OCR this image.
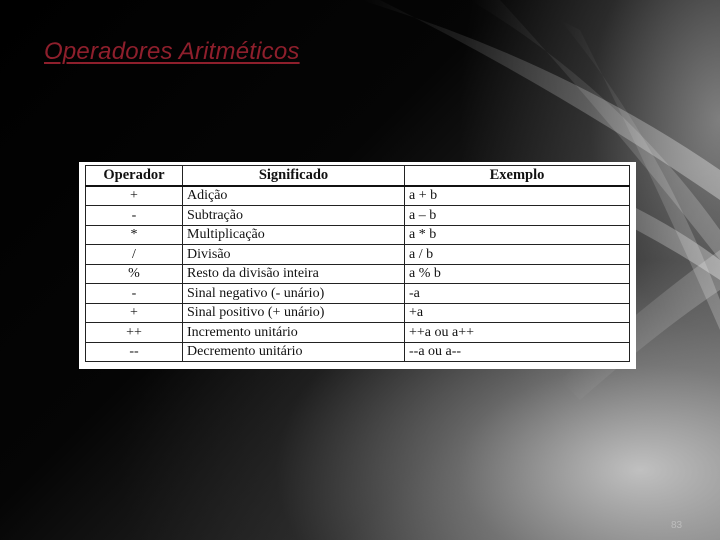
Operadores Aritméticos
Operador	Significado	Exemplo
+	Adição	a + b
-	Subtração	a – b
*	Multiplicação	a * b
/	Divisão	a / b
%	Resto da divisão inteira	a % b
-	Sinal negativo (- unário)	-a
+	Sinal positivo (+ unário)	+a
++	Incremento unitário	++a ou a++
--	Decremento unitário	--a ou a--
83
